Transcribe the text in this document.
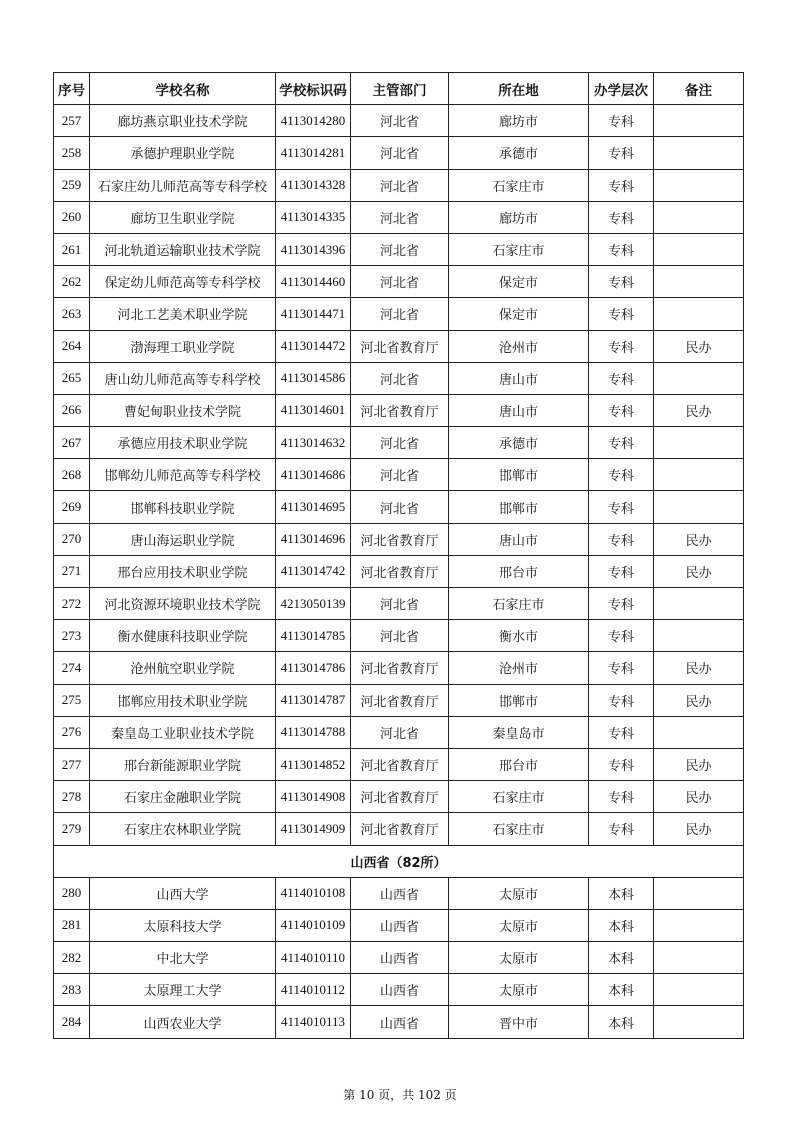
序号	学校名称	学校标识码	主管部门	所在地	办学层次	备注
257	廊坊燕京职业技术学院	4113014280	河北省	廊坊市	专科	
258	承德护理职业学院	4113014281	河北省	承德市	专科	
259	石家庄幼儿师范高等专科学校	4113014328	河北省	石家庄市	专科	
260	廊坊卫生职业学院	4113014335	河北省	廊坊市	专科	
261	河北轨道运输职业技术学院	4113014396	河北省	石家庄市	专科	
262	保定幼儿师范高等专科学校	4113014460	河北省	保定市	专科	
263	河北工艺美术职业学院	4113014471	河北省	保定市	专科	
264	渤海理工职业学院	4113014472	河北省教育厅	沧州市	专科	民办
265	唐山幼儿师范高等专科学校	4113014586	河北省	唐山市	专科	
266	曹妃甸职业技术学院	4113014601	河北省教育厅	唐山市	专科	民办
267	承德应用技术职业学院	4113014632	河北省	承德市	专科	
268	邯郸幼儿师范高等专科学校	4113014686	河北省	邯郸市	专科	
269	邯郸科技职业学院	4113014695	河北省	邯郸市	专科	
270	唐山海运职业学院	4113014696	河北省教育厅	唐山市	专科	民办
271	邢台应用技术职业学院	4113014742	河北省教育厅	邢台市	专科	民办
272	河北资源环境职业技术学院	4213050139	河北省	石家庄市	专科	
273	衡水健康科技职业学院	4113014785	河北省	衡水市	专科	
274	沧州航空职业学院	4113014786	河北省教育厅	沧州市	专科	民办
275	邯郸应用技术职业学院	4113014787	河北省教育厅	邯郸市	专科	民办
276	秦皇岛工业职业技术学院	4113014788	河北省	秦皇岛市	专科	
277	邢台新能源职业学院	4113014852	河北省教育厅	邢台市	专科	民办
278	石家庄金融职业学院	4113014908	河北省教育厅	石家庄市	专科	民办
279	石家庄农林职业学院	4113014909	河北省教育厅	石家庄市	专科	民办
山西省（82所）						
280	山西大学	4114010108	山西省	太原市	本科	
281	太原科技大学	4114010109	山西省	太原市	本科	
282	中北大学	4114010110	山西省	太原市	本科	
283	太原理工大学	4114010112	山西省	太原市	本科	
284	山西农业大学	4114010113	山西省	晋中市	本科	
第 10 页，共 102 页
